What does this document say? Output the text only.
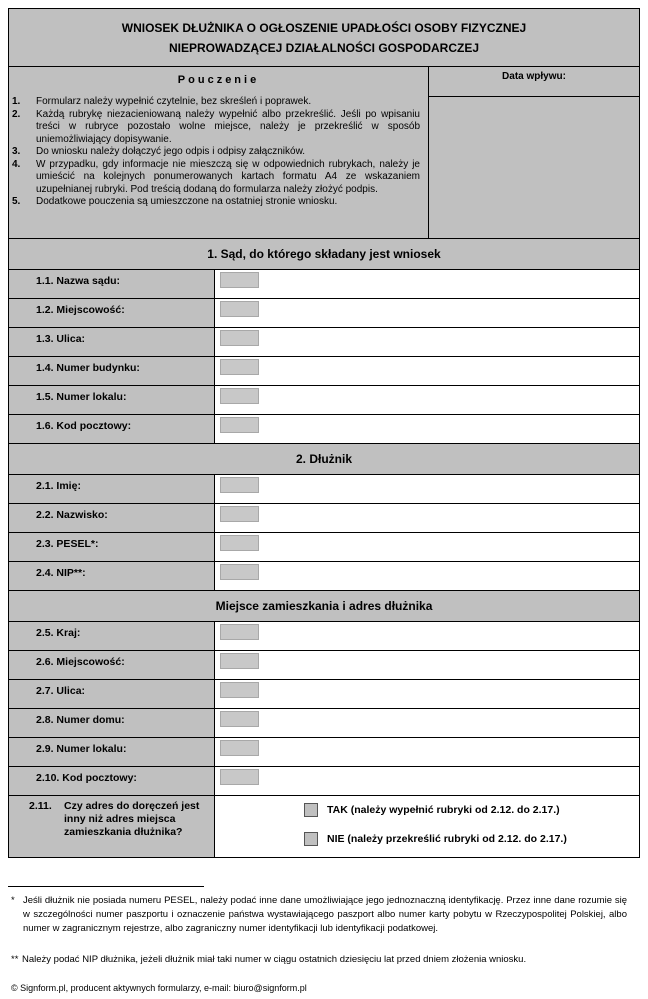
WNIOSEK DŁUŻNIKA O OGŁOSZENIE UPADŁOŚCI OSOBY FIZYCZNEJ
NIEPROWADZĄCEJ DZIAŁALNOŚCI GOSPODARCZEJ
Pouczenie
1.	Formularz należy wypełnić czytelnie, bez skreśleń i poprawek.
2.	Każdą rubrykę niezacieniowaną należy wypełnić albo przekreślić. Jeśli po wpisaniu treści w rubryce pozostało wolne miejsce, należy je przekreślić w sposób uniemożliwiający dopisywanie.
3.	Do wniosku należy dołączyć jego odpis i odpisy załączników.
4.	W przypadku, gdy informacje nie mieszczą się w odpowiednich rubrykach, należy je umieścić na kolejnych ponumerowanych kartach formatu A4 ze wskazaniem uzupełnianej rubryki. Pod treścią dodaną do formularza należy złożyć podpis.
5.	Dodatkowe pouczenia są umieszczone na ostatniej stronie wniosku.
Data wpływu:
1. Sąd, do którego składany jest wniosek
1.1. Nazwa sądu:
1.2. Miejscowość:
1.3. Ulica:
1.4. Numer budynku:
1.5. Numer lokalu:
1.6. Kod pocztowy:
2. Dłużnik
2.1. Imię:
2.2. Nazwisko:
2.3. PESEL*:
2.4. NIP**:
Miejsce zamieszkania i adres dłużnika
2.5. Kraj:
2.6. Miejscowość:
2.7. Ulica:
2.8. Numer domu:
2.9. Numer lokalu:
2.10. Kod pocztowy:
2.11.	Czy adres do doręczeń jest inny niż adres miejsca zamieszkania dłużnika?
TAK (należy wypełnić rubryki od 2.12. do 2.17.)
NIE (należy przekreślić rubryki od 2.12. do 2.17.)
* Jeśli dłużnik nie posiada numeru PESEL, należy podać inne dane umożliwiające jego jednoznaczną identyfikację. Przez inne dane rozumie się w szczególności numer paszportu i oznaczenie państwa wystawiającego paszport albo numer karty pobytu w Rzeczypospolitej Polskiej, albo numer w zagranicznym rejestrze, albo zagraniczny numer identyfikacji lub identyfikacji podatkowej.
** Należy podać NIP dłużnika, jeżeli dłużnik miał taki numer w ciągu ostatnich dziesięciu lat przed dniem złożenia wniosku.
© Signform.pl, producent aktywnych formularzy, e-mail: biuro@signform.pl
